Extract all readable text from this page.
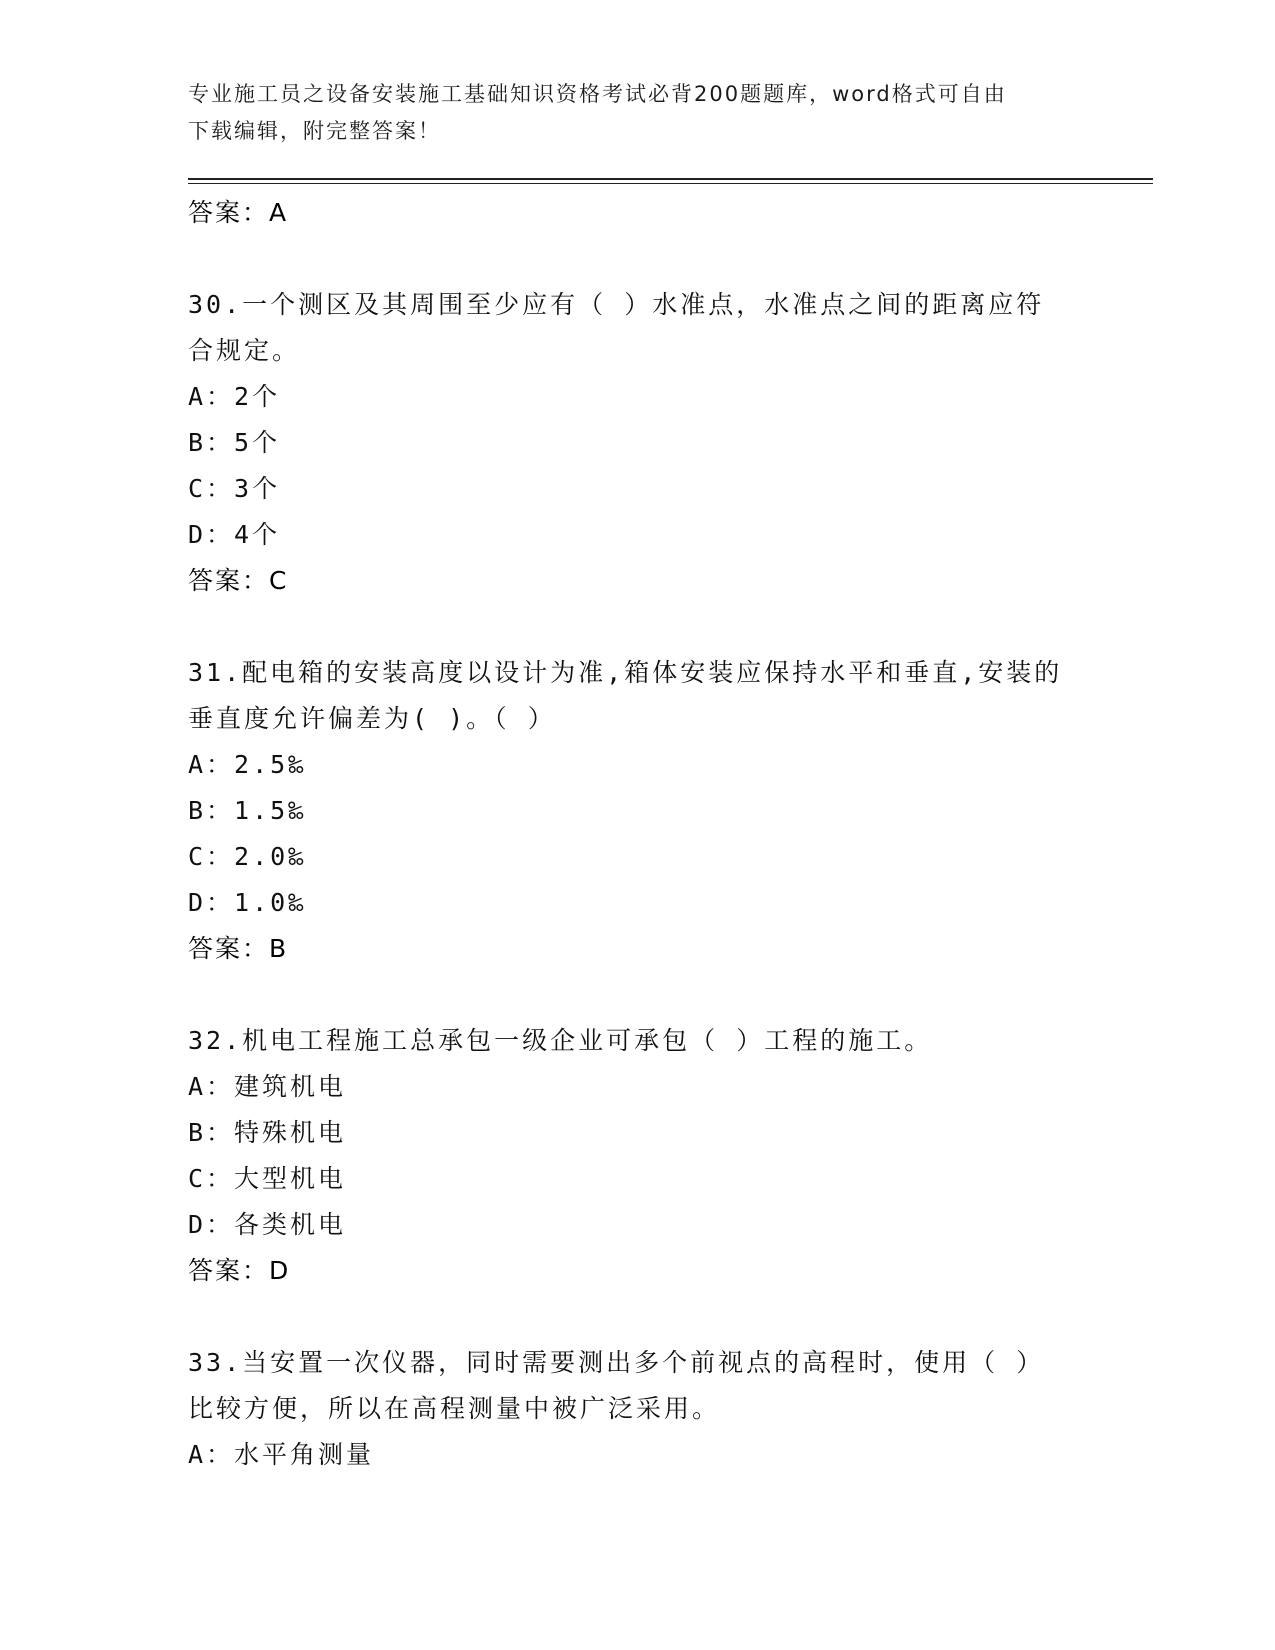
专业施工员之设备安装施工基础知识资格考试必背200题题库，word格式可自由
下载编辑，附完整答案！
答案：A
30.一个测区及其周围至少应有（ ）水准点，水准点之间的距离应符
合规定。
A：2个
B：5个
C：3个
D：4个
答案：C
31.配电箱的安装高度以设计为准,箱体安装应保持水平和垂直,安装的
垂直度允许偏差为( )。（ ）
A：2.5‰
B：1.5‰
C：2.0‰
D：1.0‰
答案：B
32.机电工程施工总承包一级企业可承包（ ）工程的施工。
A：建筑机电
B：特殊机电
C：大型机电
D：各类机电
答案：D
33.当安置一次仪器，同时需要测出多个前视点的高程时，使用（ ）
比较方便，所以在高程测量中被广泛采用。
A：水平角测量
